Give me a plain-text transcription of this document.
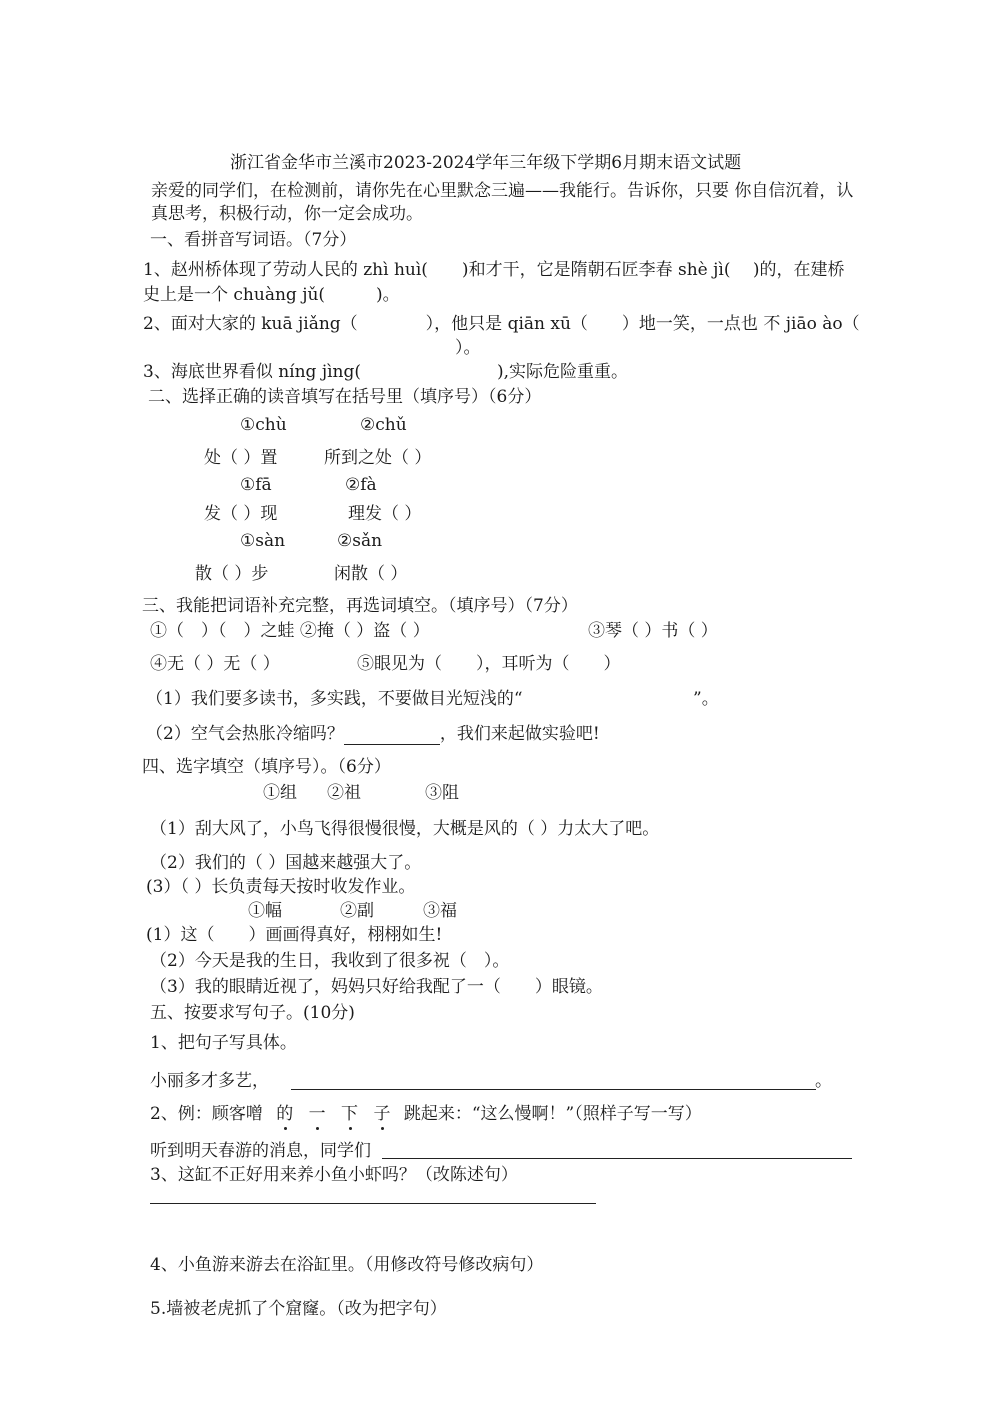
浙江省金华市兰溪市2023-2024学年三年级下学期6月期末语文试题
亲爱的同学们，在检测前，请你先在心里默念三遍——我能行。告诉你，只要 你自信沉着，认
真思考，积极行动，你一定会成功。
一、看拼音写词语。（7分）
1、赵州桥体现了劳动人民的 zhì huì(　　)和才干，它是隋朝石匠李春 shè jì(　 )的，在建桥
史上是一个 chuàng jǔ(　　　)。
2、面对大家的 kuā jiǎng（　　　　），他只是 qiān xū（　　）地一笑，一点也 不 jiāo ào（
）。
3、海底世界看似 níng jìng(　　　　　　　　),实际危险重重。
二、选择正确的读音填写在括号里（填序号）（6分）
①chù	②chǔ
处（ ）置	所到之处（ ）
①fā	②fà
发（ ）现	理发（ ）
①sàn	②sǎn
散（ ）步	闲散（ ）
三、我能把词语补充完整，再选词填空。（填序号）（7分）
①（　）（　）之蛙 ②掩（ ）盗（ ）	③琴（ ）书（ ）
④无（ ）无（ ）	⑤眼见为（　　），耳听为（　　）
（1）我们要多读书，多实践，不要做目光短浅的“	”。
（2）空气会热胀冷缩吗？	，我们来起做实验吧!
四、选字填空（填序号）。（6分）
①组 ②祖	③阻
（1）刮大风了，小鸟飞得很慢很慢，大概是风的（ ）力太大了吧。
（2）我们的（ ）国越来越强大了。
(3）（ ）长负责每天按时收发作业。
①幅	②副	③福
(1）这（　　）画画得真好，栩栩如生!
（2）今天是我的生日，我收到了很多祝（　）。
（3）我的眼睛近视了，妈妈只好给我配了一（　　）眼镜。
五、按要求写句子。(10分)
1、把句子写具体。
小丽多才多艺，	。
2、例：顾客噌 的 一 下 子 跳起来：“这么慢啊！”（照样子写一写）
听到明天春游的消息，同学们
3、这缸不正好用来养小鱼小虾吗？（改陈述句）
4、小鱼游来游去在浴缸里。（用修改符号修改病句）
5.墙被老虎抓了个窟窿。（改为把字句）
